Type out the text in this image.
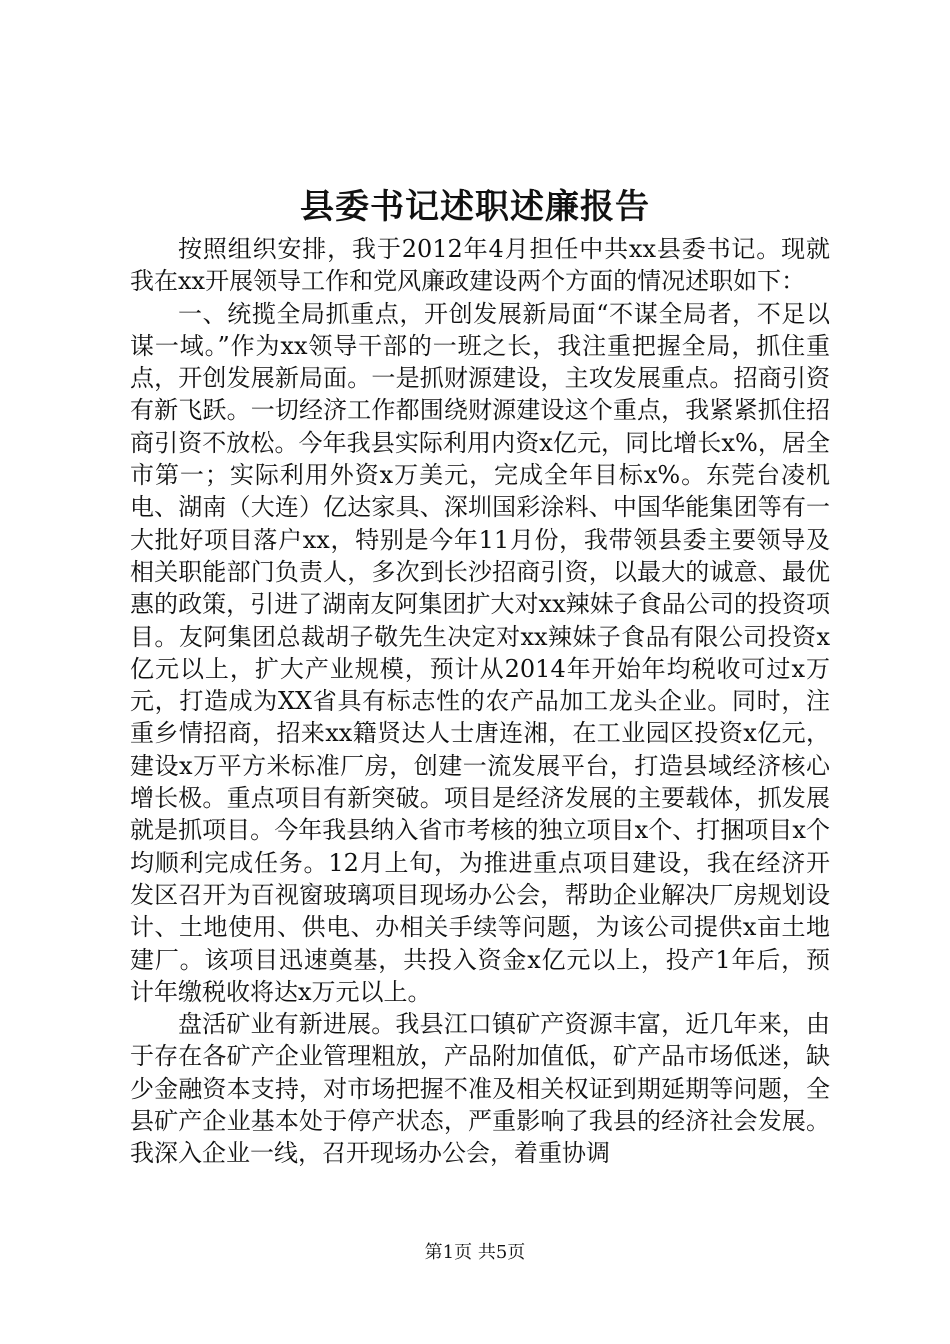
县委书记述职述廉报告

按照组织安排，我于2012年4月担任中共xx县委书记。现就我在xx开展领导工作和党风廉政建设两个方面的情况述职如下：

一、统揽全局抓重点，开创发展新局面“不谋全局者，不足以谋一域。”作为xx领导干部的一班之长，我注重把握全局，抓住重点，开创发展新局面。一是抓财源建设，主攻发展重点。招商引资有新飞跃。一切经济工作都围绕财源建设这个重点，我紧紧抓住招商引资不放松。今年我县实际利用内资x亿元，同比增长x%，居全市第一；实际利用外资x万美元，完成全年目标x%。东莞台凌机电、湖南（大连）亿达家具、深圳国彩涂料、中国华能集团等有一大批好项目落户xx，特别是今年11月份，我带领县委主要领导及相关职能部门负责人，多次到长沙招商引资，以最大的诚意、最优惠的政策，引进了湖南友阿集团扩大对xx辣妹子食品公司的投资项目。友阿集团总裁胡子敬先生决定对xx辣妹子食品有限公司投资x亿元以上，扩大产业规模，预计从2014年开始年均税收可过x万元，打造成为XX省具有标志性的农产品加工龙头企业。同时，注重乡情招商，招来xx籍贤达人士唐连湘，在工业园区投资x亿元，建设x万平方米标准厂房，创建一流发展平台，打造县域经济核心增长极。重点项目有新突破。项目是经济发展的主要载体，抓发展就是抓项目。今年我县纳入省市考核的独立项目x个、打捆项目x个均顺利完成任务。12月上旬，为推进重点项目建设，我在经济开发区召开为百视窗玻璃项目现场办公会，帮助企业解决厂房规划设计、土地使用、供电、办相关手续等问题，为该公司提供x亩土地建厂。该项目迅速奠基，共投入资金x亿元以上，投产1年后，预计年缴税收将达x万元以上。

盘活矿业有新进展。我县江口镇矿产资源丰富，近几年来，由于存在各矿产企业管理粗放，产品附加值低，矿产品市场低迷，缺少金融资本支持，对市场把握不准及相关权证到期延期等问题，全县矿产企业基本处于停产状态，严重影响了我县的经济社会发展。我深入企业一线，召开现场办公会，着重协调

第1页 共5页
